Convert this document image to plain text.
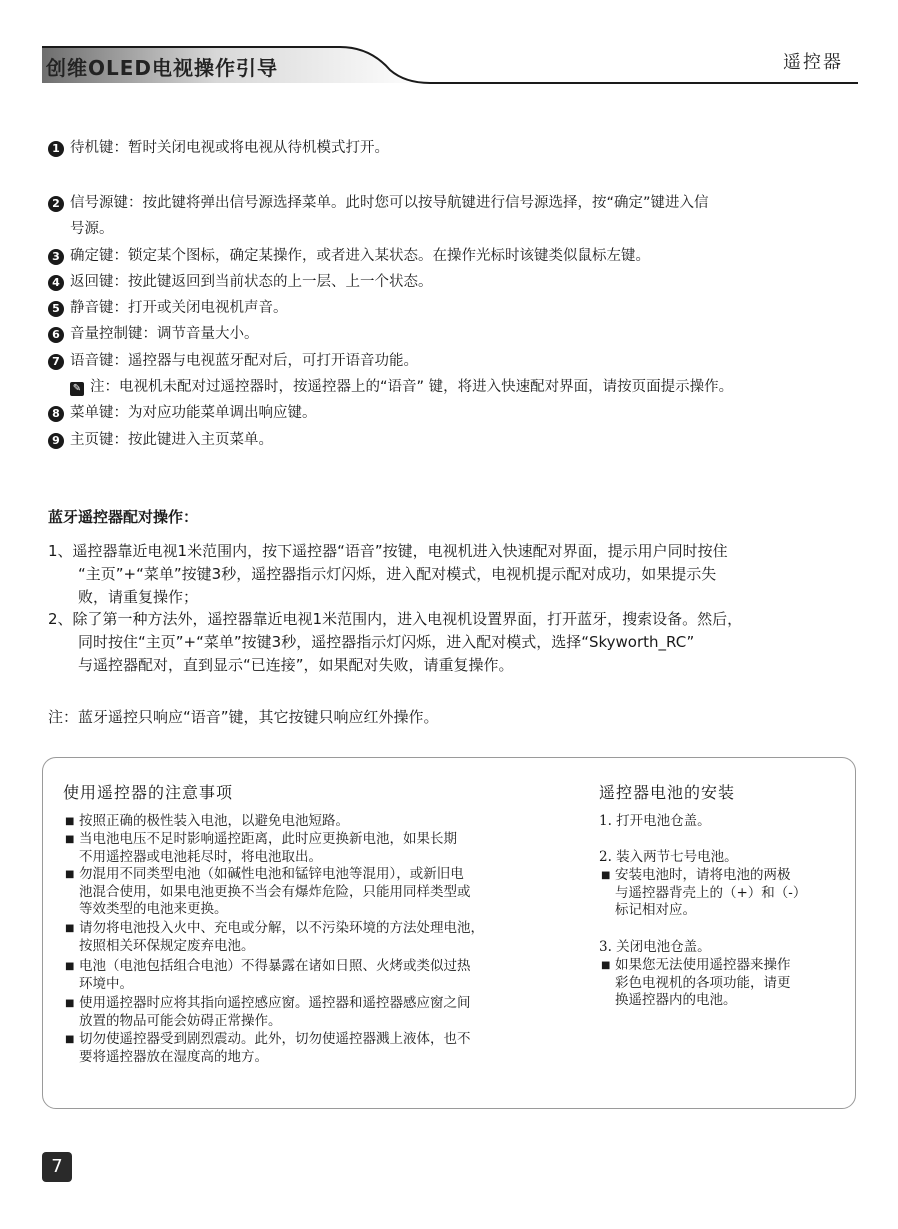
创维OLED电视操作引导	遥控器
1 待机键：暂时关闭电视或将电视从待机模式打开。
2 信号源键：按此键将弹出信号源选择菜单。此时您可以按导航键进行信号源选择，按“确定”键进入信
号源。
3 确定键：锁定某个图标，确定某操作，或者进入某状态。在操作光标时该键类似鼠标左键。
4 返回键：按此键返回到当前状态的上一层、上一个状态。
5 静音键：打开或关闭电视机声音。
6 音量控制键：调节音量大小。
7 语音键：遥控器与电视蓝牙配对后，可打开语音功能。
✎ 注：电视机未配对过遥控器时，按遥控器上的“语音” 键，将进入快速配对界面，请按页面提示操作。
8 菜单键：为对应功能菜单调出响应键。
9 主页键：按此键进入主页菜单。
蓝牙遥控器配对操作：
1、遥控器靠近电视1米范围内，按下遥控器“语音”按键，电视机进入快速配对界面，提示用户同时按住
“主页”+“菜单”按键3秒，遥控器指示灯闪烁，进入配对模式，电视机提示配对成功，如果提示失
败，请重复操作；
2、除了第一种方法外，遥控器靠近电视1米范围内，进入电视机设置界面，打开蓝牙，搜索设备。然后，
同时按住“主页”+“菜单”按键3秒，遥控器指示灯闪烁，进入配对模式，选择“Skyworth_RC”
与遥控器配对，直到显示“已连接”，如果配对失败，请重复操作。
注：蓝牙遥控只响应“语音”键，其它按键只响应红外操作。
使用遥控器的注意事项	遥控器电池的安装
■ 按照正确的极性装入电池，以避免电池短路。
■ 当电池电压不足时影响遥控距离，此时应更换新电池，如果长期
不用遥控器或电池耗尽时，将电池取出。
■ 勿混用不同类型电池（如碱性电池和锰锌电池等混用），或新旧电
池混合使用，如果电池更换不当会有爆炸危险，只能用同样类型或
等效类型的电池来更换。
■ 请勿将电池投入火中、充电或分解，以不污染环境的方法处理电池，
按照相关环保规定废弃电池。
■ 电池（电池包括组合电池）不得暴露在诸如日照、火烤或类似过热
环境中。
■ 使用遥控器时应将其指向遥控感应窗。遥控器和遥控器感应窗之间
放置的物品可能会妨碍正常操作。
■ 切勿使遥控器受到剧烈震动。此外，切勿使遥控器溅上液体，也不
要将遥控器放在湿度高的地方。
1. 打开电池仓盖。
2. 装入两节七号电池。
■ 安装电池时，请将电池的两极
与遥控器背壳上的（+）和（-）
标记相对应。
3. 关闭电池仓盖。
■ 如果您无法使用遥控器来操作
彩色电视机的各项功能，请更
换遥控器内的电池。
7
